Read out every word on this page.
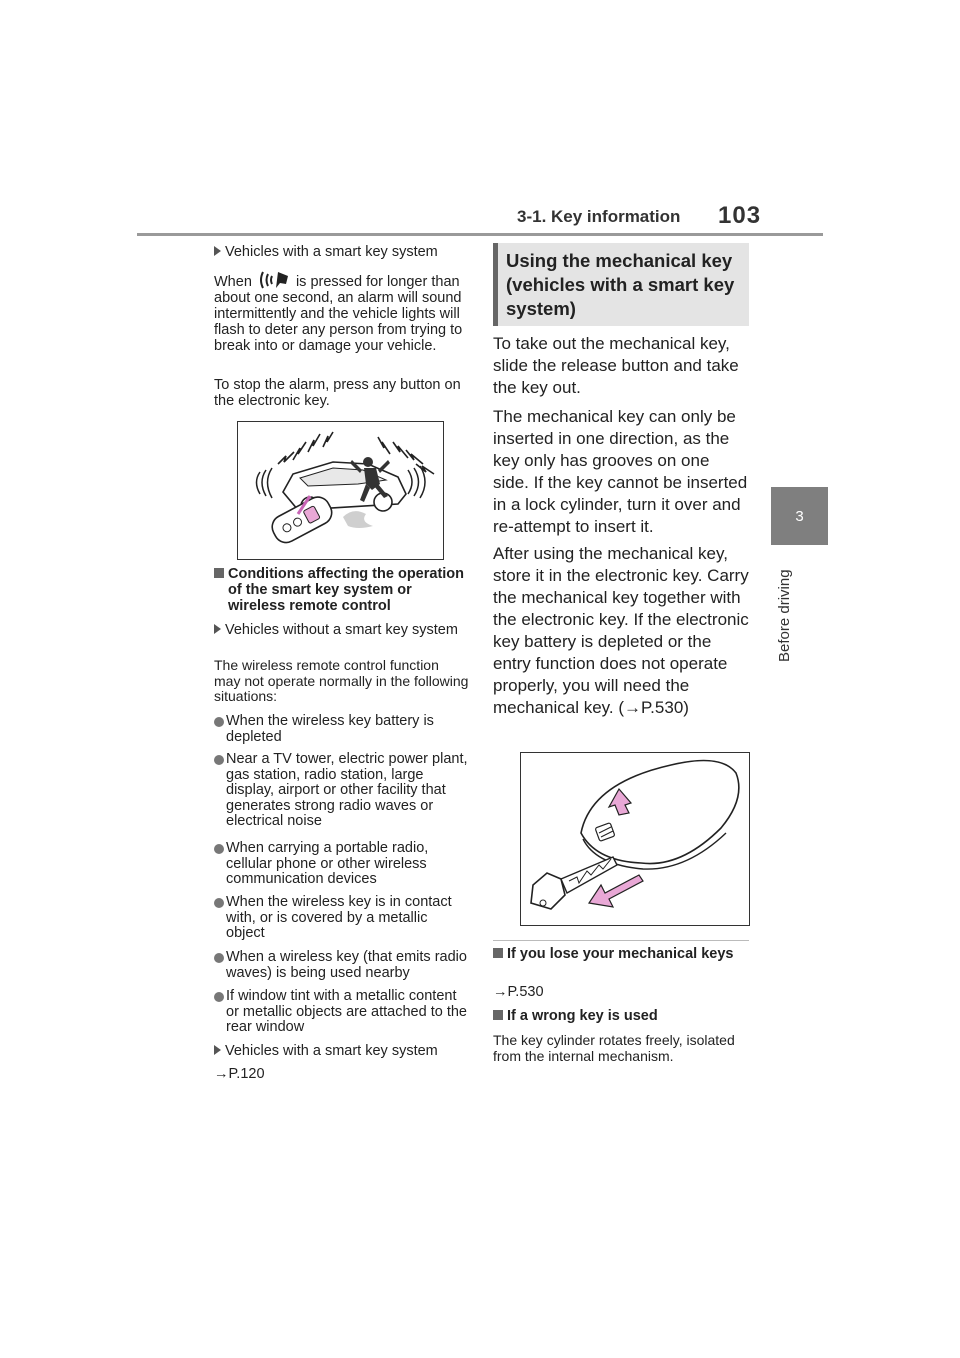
3-1. Key information 103
3
Before driving
Vehicles with a smart key system
When	is pressed for longer than about one second, an alarm will sound intermittently and the vehicle lights will flash to deter any person from trying to break into or damage your vehicle.
To stop the alarm, press any button on the electronic key.
Conditions affecting the operation of the smart key system or wireless remote control
Vehicles without a smart key system
The wireless remote control function may not operate normally in the following situations:
When the wireless key battery is depleted
Near a TV tower, electric power plant, gas station, radio station, large display, airport or other facility that generates strong radio waves or electrical noise
When carrying a portable radio, cellular phone or other wireless communication devices
When the wireless key is in contact with, or is covered by a metallic object
When a wireless key (that emits radio waves) is being used nearby
If window tint with a metallic content or metallic objects are attached to the rear window
Vehicles with a smart key system
→P.120
Using the mechanical key (vehicles with a smart key system)
To take out the mechanical key, slide the release button and take the key out.
The mechanical key can only be inserted in one direction, as the key only has grooves on one side. If the key cannot be inserted in a lock cylinder, turn it over and re-attempt to insert it.
After using the mechanical key, store it in the electronic key. Carry the mechanical key together with the electronic key. If the electronic key battery is depleted or the entry function does not operate properly, you will need the mechanical key. (→P.530)
If you lose your mechanical keys
→P.530
If a wrong key is used
The key cylinder rotates freely, isolated from the internal mechanism.
